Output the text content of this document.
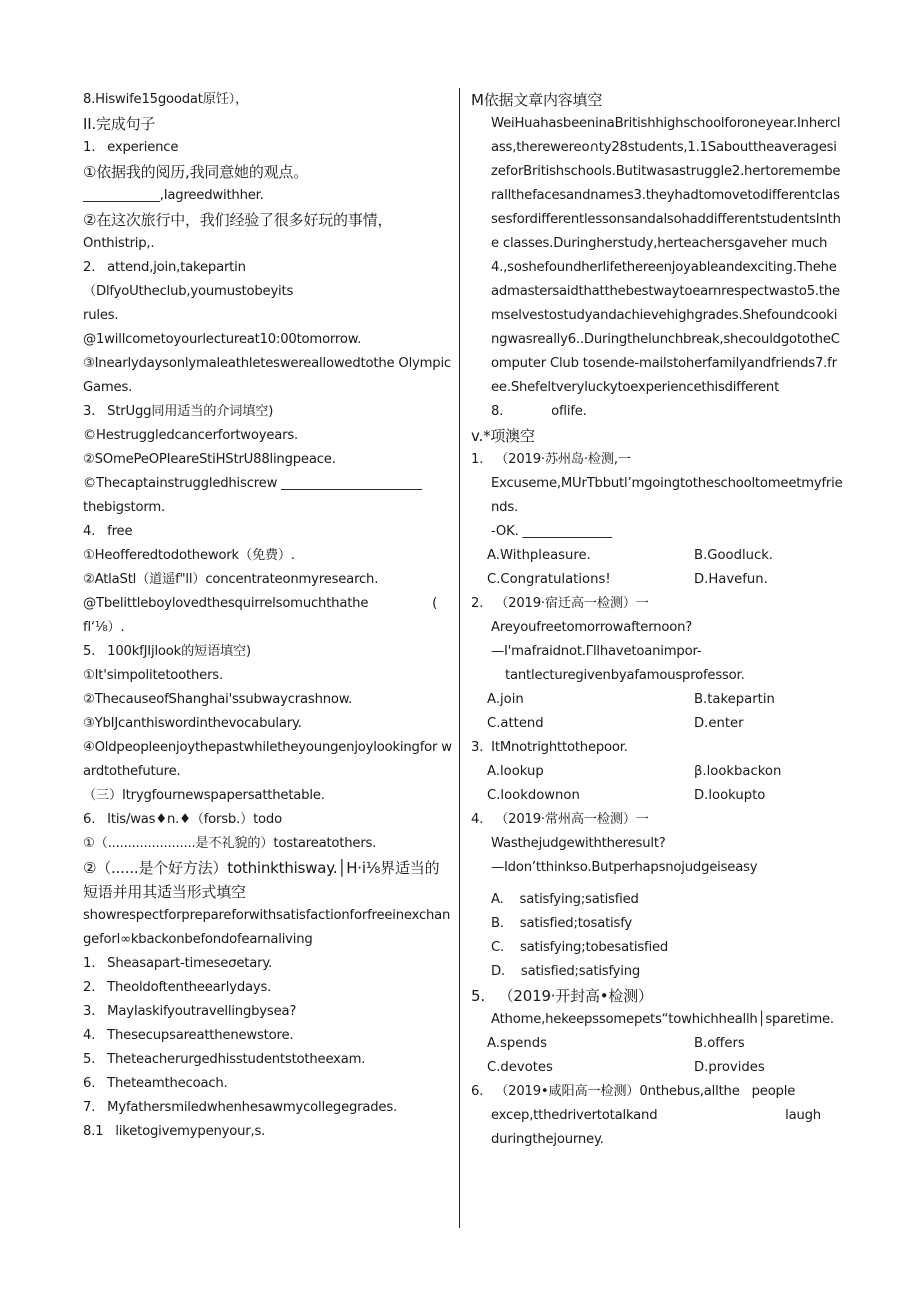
8.Hiswife15goodat原饪），
II.完成句子
1.   experience
①依据我的阅历,我同意她的观点。
____________,Iagreedwithher.
②在这次旅行中，我们经验了很多好玩的事情，
Onthistrip,.
2.   attend,join,takepartin
（DlfyoUtheclub,youmustobeyits
rules.
@1willcometoyourlectureat10:00tomorrow.
③Inearlydaysonlymaleathleteswereallowedtothe Olympic Games.
3.   StrUgg同用适当的介词填空)
©Hestruggledcancerfortwoyears.
②SOmePeOPIeareStiHStrU88lingpeace.
©Thecaptainstruggledhiscrew ______________________
thebigstorm.
4.   free
①Heofferedtodothework（免费）.
②AtlaStl（道遥f"ll）concentrateonmyresearch.
@Tbelittleboylovedthesquirrelsomuchthathe                (
fl‘⅛）.
5.   100kfJIjlook的短语填空)
①It'simpolitetoothers.
②ThecauseofShanghai'ssubwaycrashnow.
③YbIJcanthiswordinthevocabulary.
④Oldpeopleenjoythepastwhiletheyoungenjoylookingfor wardtothefuture.
（三）Itrygfournewspapersatthetable.
6.   Itis/was♦n.♦（forsb.）todo
①（......................是不礼貌的）tostareatothers.
②（......是个好方法）tothinkthisway.│H·i⅛界适当的短语并用其适当形式填空
showrespectforprepareforwithsatisfactionforfreeinexchangeforl∞kbackonbefondofearnaliving
1.   Sheasapart-timeseσetary.
2.   Theoldoftentheearlydays.
3.   MayIaskifyoutravellingbysea?
4.   Thesecupsareatthenewstore.
5.   Theteacherurgedhisstudentstotheexam.
6.   Theteamthecoach.
7.   Myfathersmiledwhenhesawmycollegegrades.
8.1   liketogivemypenyour,s.
M依据文章内容填空
WeiHuahasbeeninaBritishhighschoolforoneyear.Inherclass,therewereo∩ty28students,1.1SabouttheaveragesizeforBritishschools.Butitwasastruggle2.hertorememberallthefacesandnames3.theyhadtomovetodifferentclassesfordifferentlessonsandalsohaddifferentstudentsInthe classes.Duringherstudy,herteachersgaveher much4.,soshefoundherlifethereenjoyableandexciting.Theheadmastersaidthatthebestwaytoearnrespectwasto5.themselvestostudyandachievehighgrades.Shefoundcookingwasreally6..Duringthelunchbreak,shecouldgototheComputer Club tosende-mailstoherfamilyandfriends7.free.Shefeltveryluckytoexperiencethisdifferent8.            oflife.
v.*项澳空
1.   （2019·苏州岛·检测,一
Excuseme,MUrTbbutl’mgoingtotheschooltomeetmyfriends.
-OK. ______________
A.Withpleasure.	B.Goodluck.
C.Congratulations!	D.Havefun.
2.   （2019·宿迁高一检测）一
Areyoufreetomorrowafternoon?
—I'mafraidnot.Γllhavetoanimpor-
tantlecturegivenbyafamousprofessor.
A.join	B.takepartin
C.attend	D.enter
3.  ItMnotrighttothepoor.
A.lookup	β.lookbackon
C.lookdownon	D.lookupto
4.   （2019·常州高一检测）一
Wasthejudgewiththeresult?
—Idon’tthinkso.Butperhapsnojudgeiseasy
A.    satisfying;satisfied
B.    satisfied;tosatisfy
C.    satisfying;tobesatisfied
D.    satisfied;satisfying
5.   （2019·开封高•检测）
Athome,hekeepssomepets“towhichheallh│sparetime.
A.spends	B.offers
C.devotes	D.provides
6.   （2019•咸阳高一检测）0nthebus,allthe   people
excep,tthedrivertotalkand                                laugh
duringthejourney.
